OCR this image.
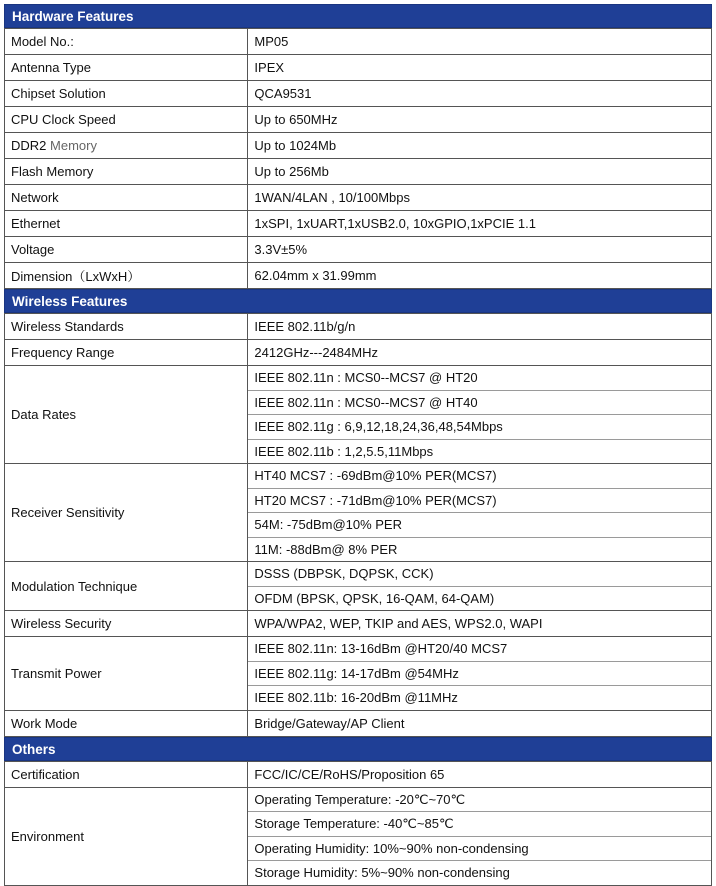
Hardware Features
Model No.:	MP05
Antenna Type	IPEX
Chipset Solution	QCA9531
CPU Clock Speed	Up to 650MHz
DDR2 Memory	Up to 1024Mb
Flash Memory	Up to 256Mb
Network	1WAN/4LAN , 10/100Mbps
Ethernet	1xSPI, 1xUART,1xUSB2.0, 10xGPIO,1xPCIE 1.1
Voltage	3.3V±5%
Dimension（LxWxH）	62.04mm x 31.99mm
Wireless Features
Wireless Standards	IEEE 802.11b/g/n
Frequency Range	2412GHz---2484MHz
Data Rates	IEEE 802.11n : MCS0--MCS7 @ HT20
IEEE 802.11n : MCS0--MCS7 @ HT40
IEEE 802.11g : 6,9,12,18,24,36,48,54Mbps
IEEE 802.11b : 1,2,5.5,11Mbps

Receiver Sensitivity	HT40 MCS7 : -69dBm@10% PER(MCS7)
HT20 MCS7 : -71dBm@10% PER(MCS7)
54M: -75dBm@10% PER
11M: -88dBm@ 8% PER

Modulation Technique	DSSS (DBPSK, DQPSK, CCK)
OFDM (BPSK, QPSK, 16-QAM, 64-QAM)

Wireless Security	WPA/WPA2, WEP, TKIP and AES, WPS2.0, WAPI
Transmit Power	IEEE 802.11n: 13-16dBm @HT20/40 MCS7
IEEE 802.11g: 14-17dBm @54MHz
IEEE 802.11b: 16-20dBm @11MHz

Work Mode	Bridge/Gateway/AP Client
Others
Certification	FCC/IC/CE/RoHS/Proposition 65
Environment	Operating Temperature: -20℃~70℃
Storage Temperature: -40℃~85℃
Operating Humidity: 10%~90% non-condensing
Storage Humidity: 5%~90% non-condensing
